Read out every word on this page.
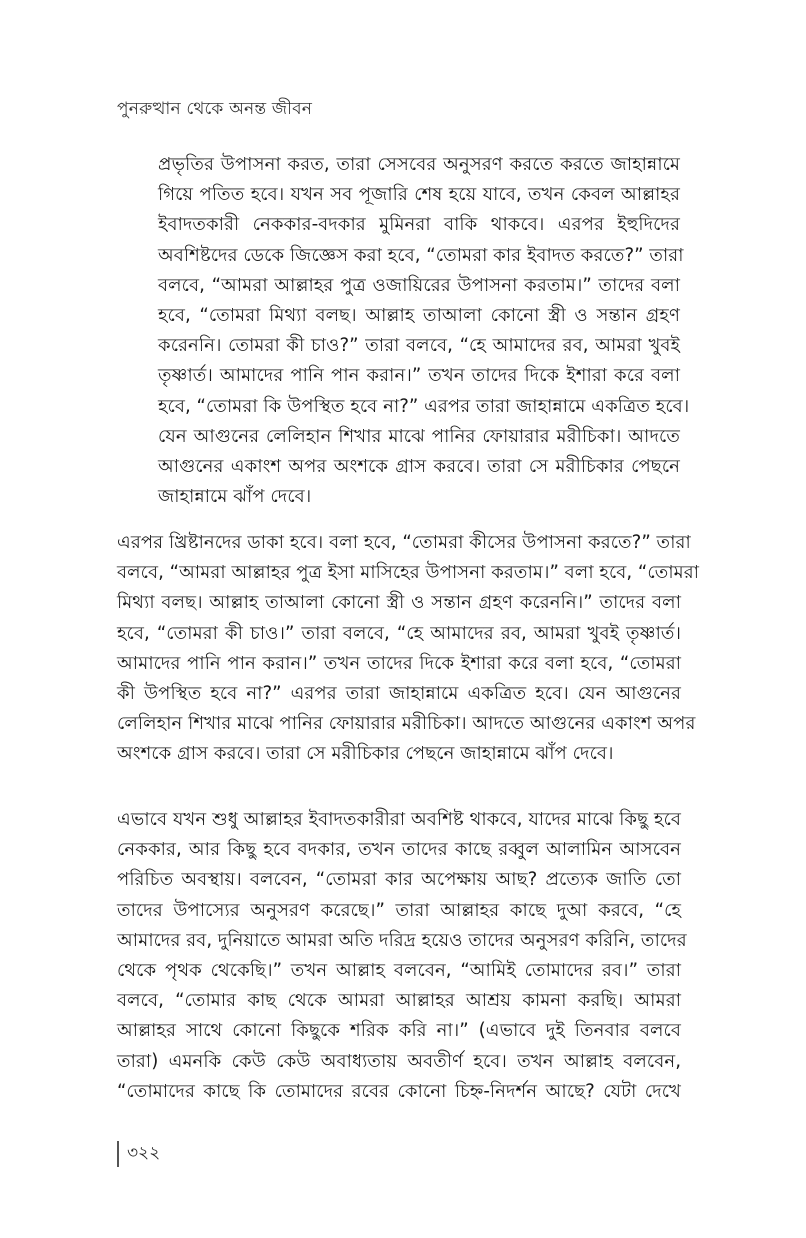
পুনরুত্থান থেকে অনন্ত জীবন

প্রভৃতির উপাসনা করত, তারা সেসবের অনুসরণ করতে করতে জাহান্নামে
গিয়ে পতিত হবে। যখন সব পূজারি শেষ হয়ে যাবে, তখন কেবল আল্লাহর
ইবাদতকারী নেককার-বদকার মুমিনরা বাকি থাকবে। এরপর ইহুদিদের
অবশিষ্টদের ডেকে জিজ্ঞেস করা হবে, “তোমরা কার ইবাদত করতে?” তারা
বলবে, “আমরা আল্লাহর পুত্র ওজায়িরের উপাসনা করতাম।” তাদের বলা
হবে, “তোমরা মিথ্যা বলছ। আল্লাহ তাআলা কোনো স্ত্রী ও সন্তান গ্রহণ
করেননি। তোমরা কী চাও?” তারা বলবে, “হে আমাদের রব, আমরা খুবই
তৃষ্ণার্ত। আমাদের পানি পান করান।” তখন তাদের দিকে ইশারা করে বলা
হবে, “তোমরা কি উপস্থিত হবে না?” এরপর তারা জাহান্নামে একত্রিত হবে।
যেন আগুনের লেলিহান শিখার মাঝে পানির ফোয়ারার মরীচিকা। আদতে
আগুনের একাংশ অপর অংশকে গ্রাস করবে। তারা সে মরীচিকার পেছনে
জাহান্নামে ঝাঁপ দেবে।

এরপর খ্রিষ্টানদের ডাকা হবে। বলা হবে, “তোমরা কীসের উপাসনা করতে?” তারা
বলবে, “আমরা আল্লাহর পুত্র ইসা মাসিহের উপাসনা করতাম।” বলা হবে, “তোমরা
মিথ্যা বলছ। আল্লাহ তাআলা কোনো স্ত্রী ও সন্তান গ্রহণ করেননি।” তাদের বলা
হবে, “তোমরা কী চাও।” তারা বলবে, “হে আমাদের রব, আমরা খুবই তৃষ্ণার্ত।
আমাদের পানি পান করান।” তখন তাদের দিকে ইশারা করে বলা হবে, “তোমরা
কী উপস্থিত হবে না?” এরপর তারা জাহান্নামে একত্রিত হবে। যেন আগুনের
লেলিহান শিখার মাঝে পানির ফোয়ারার মরীচিকা। আদতে আগুনের একাংশ অপর
অংশকে গ্রাস করবে। তারা সে মরীচিকার পেছনে জাহান্নামে ঝাঁপ দেবে।

এভাবে যখন শুধু আল্লাহর ইবাদতকারীরা অবশিষ্ট থাকবে, যাদের মাঝে কিছু হবে
নেককার, আর কিছু হবে বদকার, তখন তাদের কাছে রব্বুল আলামিন আসবেন
পরিচিত অবস্থায়। বলবেন, “তোমরা কার অপেক্ষায় আছ? প্রত্যেক জাতি তো
তাদের উপাস্যের অনুসরণ করেছে।” তারা আল্লাহর কাছে দুআ করবে, “হে
আমাদের রব, দুনিয়াতে আমরা অতি দরিদ্র হয়েও তাদের অনুসরণ করিনি, তাদের
থেকে পৃথক থেকেছি।” তখন আল্লাহ বলবেন, “আমিই তোমাদের রব।” তারা
বলবে, “তোমার কাছ থেকে আমরা আল্লাহর আশ্রয় কামনা করছি। আমরা
আল্লাহর সাথে কোনো কিছুকে শরিক করি না।” (এভাবে দুই তিনবার বলবে
তারা) এমনকি কেউ কেউ অবাধ্যতায় অবতীর্ণ হবে। তখন আল্লাহ বলবেন,
“তোমাদের কাছে কি তোমাদের রবের কোনো চিহ্ন-নিদর্শন আছে? যেটা দেখে

৩২২
